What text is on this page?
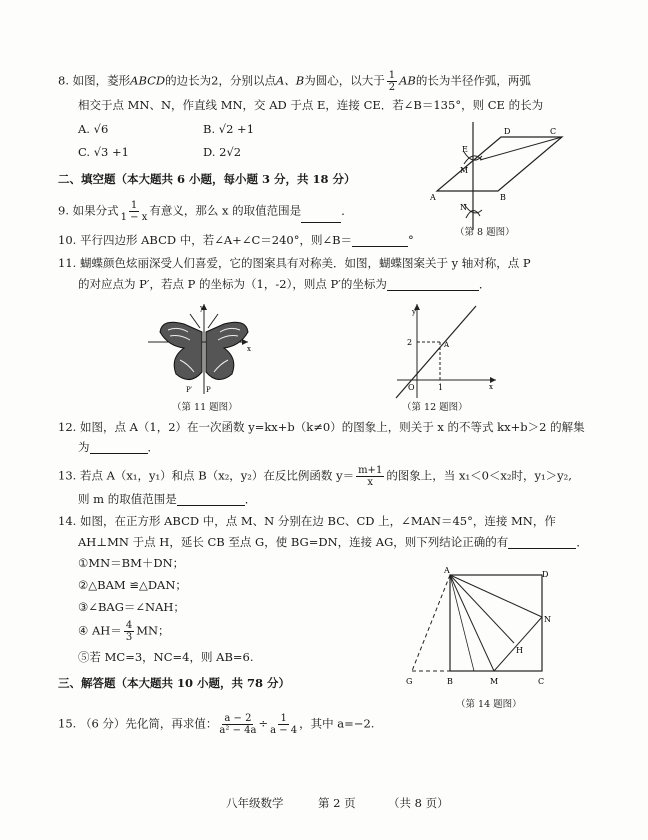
8. 如图，菱形ABCD的边长为2，分别以点A、B为圆心，以大于 $\frac{1}{2}$ AB的长为半径作弧，两弧
相交于点 MN、N，作直线 MN，交 AD 于点 E，连接 CE．若∠B＝135°，则 CE 的长为
A. √6	B. √2 +1
C. √3 +1	D. 2√2	E
M
A	B
C
D
N
（第 8 题图）
二、填空题（本大题共 6 小题，每小题 3 分，共 18 分）
9. 如果分式 $\frac{1}{1 - x}$ 有意义，那么 x 的取值范围是	．
10. 平行四边形 ABCD 中，若∠A+∠C＝240°，则∠B＝	°
11. 蝴蝶颜色炫丽深受人们喜爱，它的图案具有对称美．如图，蝴蝶图案关于 y 轴对称，点 P
的对应点为 P′，若点 P 的坐标为（1，-2），则点 P′的坐标为	．
y
x
P′ P
（第 11 题图）
y
x
2
1
A
O
（第 12 题图）
12. 如图，点 A（1，2）在一次函数 y=kx+b（k≠0）的图象上，则关于 x 的不等式 kx+b＞2 的解集
为	．
13. 若点 A（x₁，y₁）和点 B（x₂，y₂）在反比例函数 $y= \frac{m+1}{x}$ 的图象上，当 x₁＜0＜x₂时，y₁＞y₂,
则 m 的取值范围是	．
14. 如图，在正方形 ABCD 中，点 M、N 分别在边 BC、CD 上，∠MAN＝45°，连接 MN，作
AH⊥MN 于点 H，延长 CB 至点 G，使 BG=DN，连接 AG，则下列结论正确的有	．
①MN＝BM＋DN；
②△BAM ≌△DAN；
③∠BAG＝∠NAH；
④ $AH= \frac{4}{3}$ MN；
⑤若 MC=3，NC=4，则 AB=6.
A	D
N
H
G	B	M	C
（第 14 题图）
三、解答题（本大题共 10 小题，共 78 分）
15. （6 分）先化简，再求值： $\frac{a - 2}{\text{a² − 4a}} \div \frac{1}{a - 4}$ ，其中 a=−2.
八年级数学	第 2 页	（共 8 页）
